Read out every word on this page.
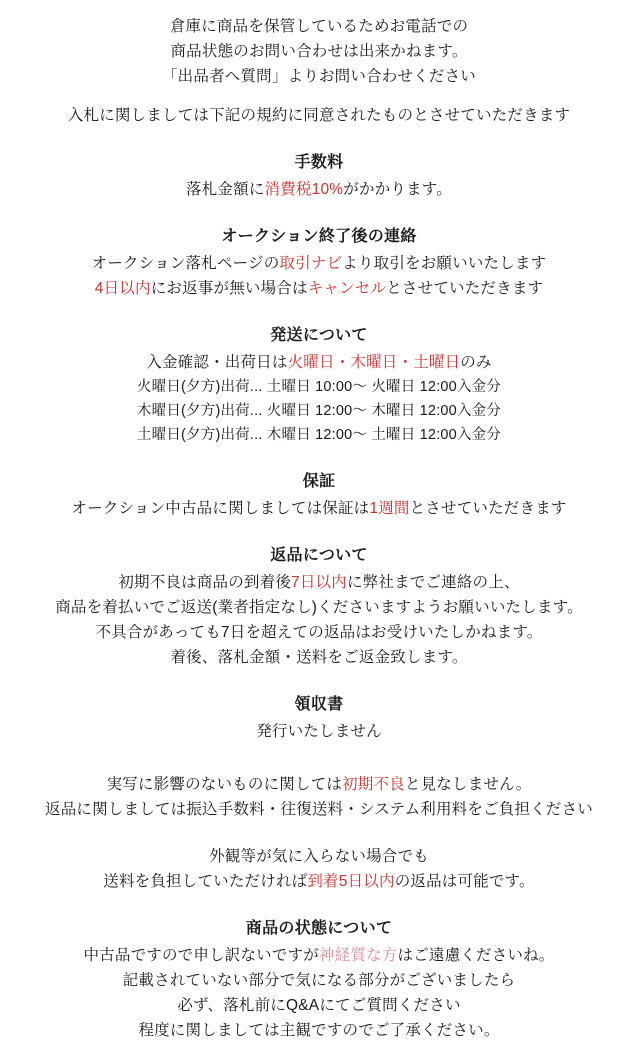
倉庫に商品を保管しているためお電話での
商品状態のお問い合わせは出来かねます。
「出品者へ質問」よりお問い合わせください
入札に関しましては下記の規約に同意されたものとさせていただきます
手数料
落札金額に消費税10%がかかります。
オークション終了後の連絡
オークション落札ページの取引ナビより取引をお願いいたします
4日以内にお返事が無い場合はキャンセルとさせていただきます
発送について
入金確認・出荷日は火曜日・木曜日・土曜日のみ
火曜日(夕方)出荷... 土曜日 10:00～ 火曜日 12:00入金分
木曜日(夕方)出荷... 火曜日 12:00～ 木曜日 12:00入金分
土曜日(夕方)出荷... 木曜日 12:00～ 土曜日 12:00入金分
保証
オークション中古品に関しましては保証は1週間とさせていただきます
返品について
初期不良は商品の到着後7日以内に弊社までご連絡の上、
商品を着払いでご返送(業者指定なし)くださいますようお願いいたします。
不具合があっても7日を超えての返品はお受けいたしかねます。
着後、落札金額・送料をご返金致します。
領収書
発行いたしません
実写に影響のないものに関しては初期不良と見なしません。
返品に関しましては振込手数料・往復送料・システム利用料をご負担ください
外観等が気に入らない場合でも
送料を負担していただければ到着5日以内の返品は可能です。
商品の状態について
中古品ですので申し訳ないですが神経質な方はご遠慮くださいね。
記載されていない部分で気になる部分がございましたら
必ず、落札前にQ&Aにてご質問ください
程度に関しましては主観ですのでご了承ください。
